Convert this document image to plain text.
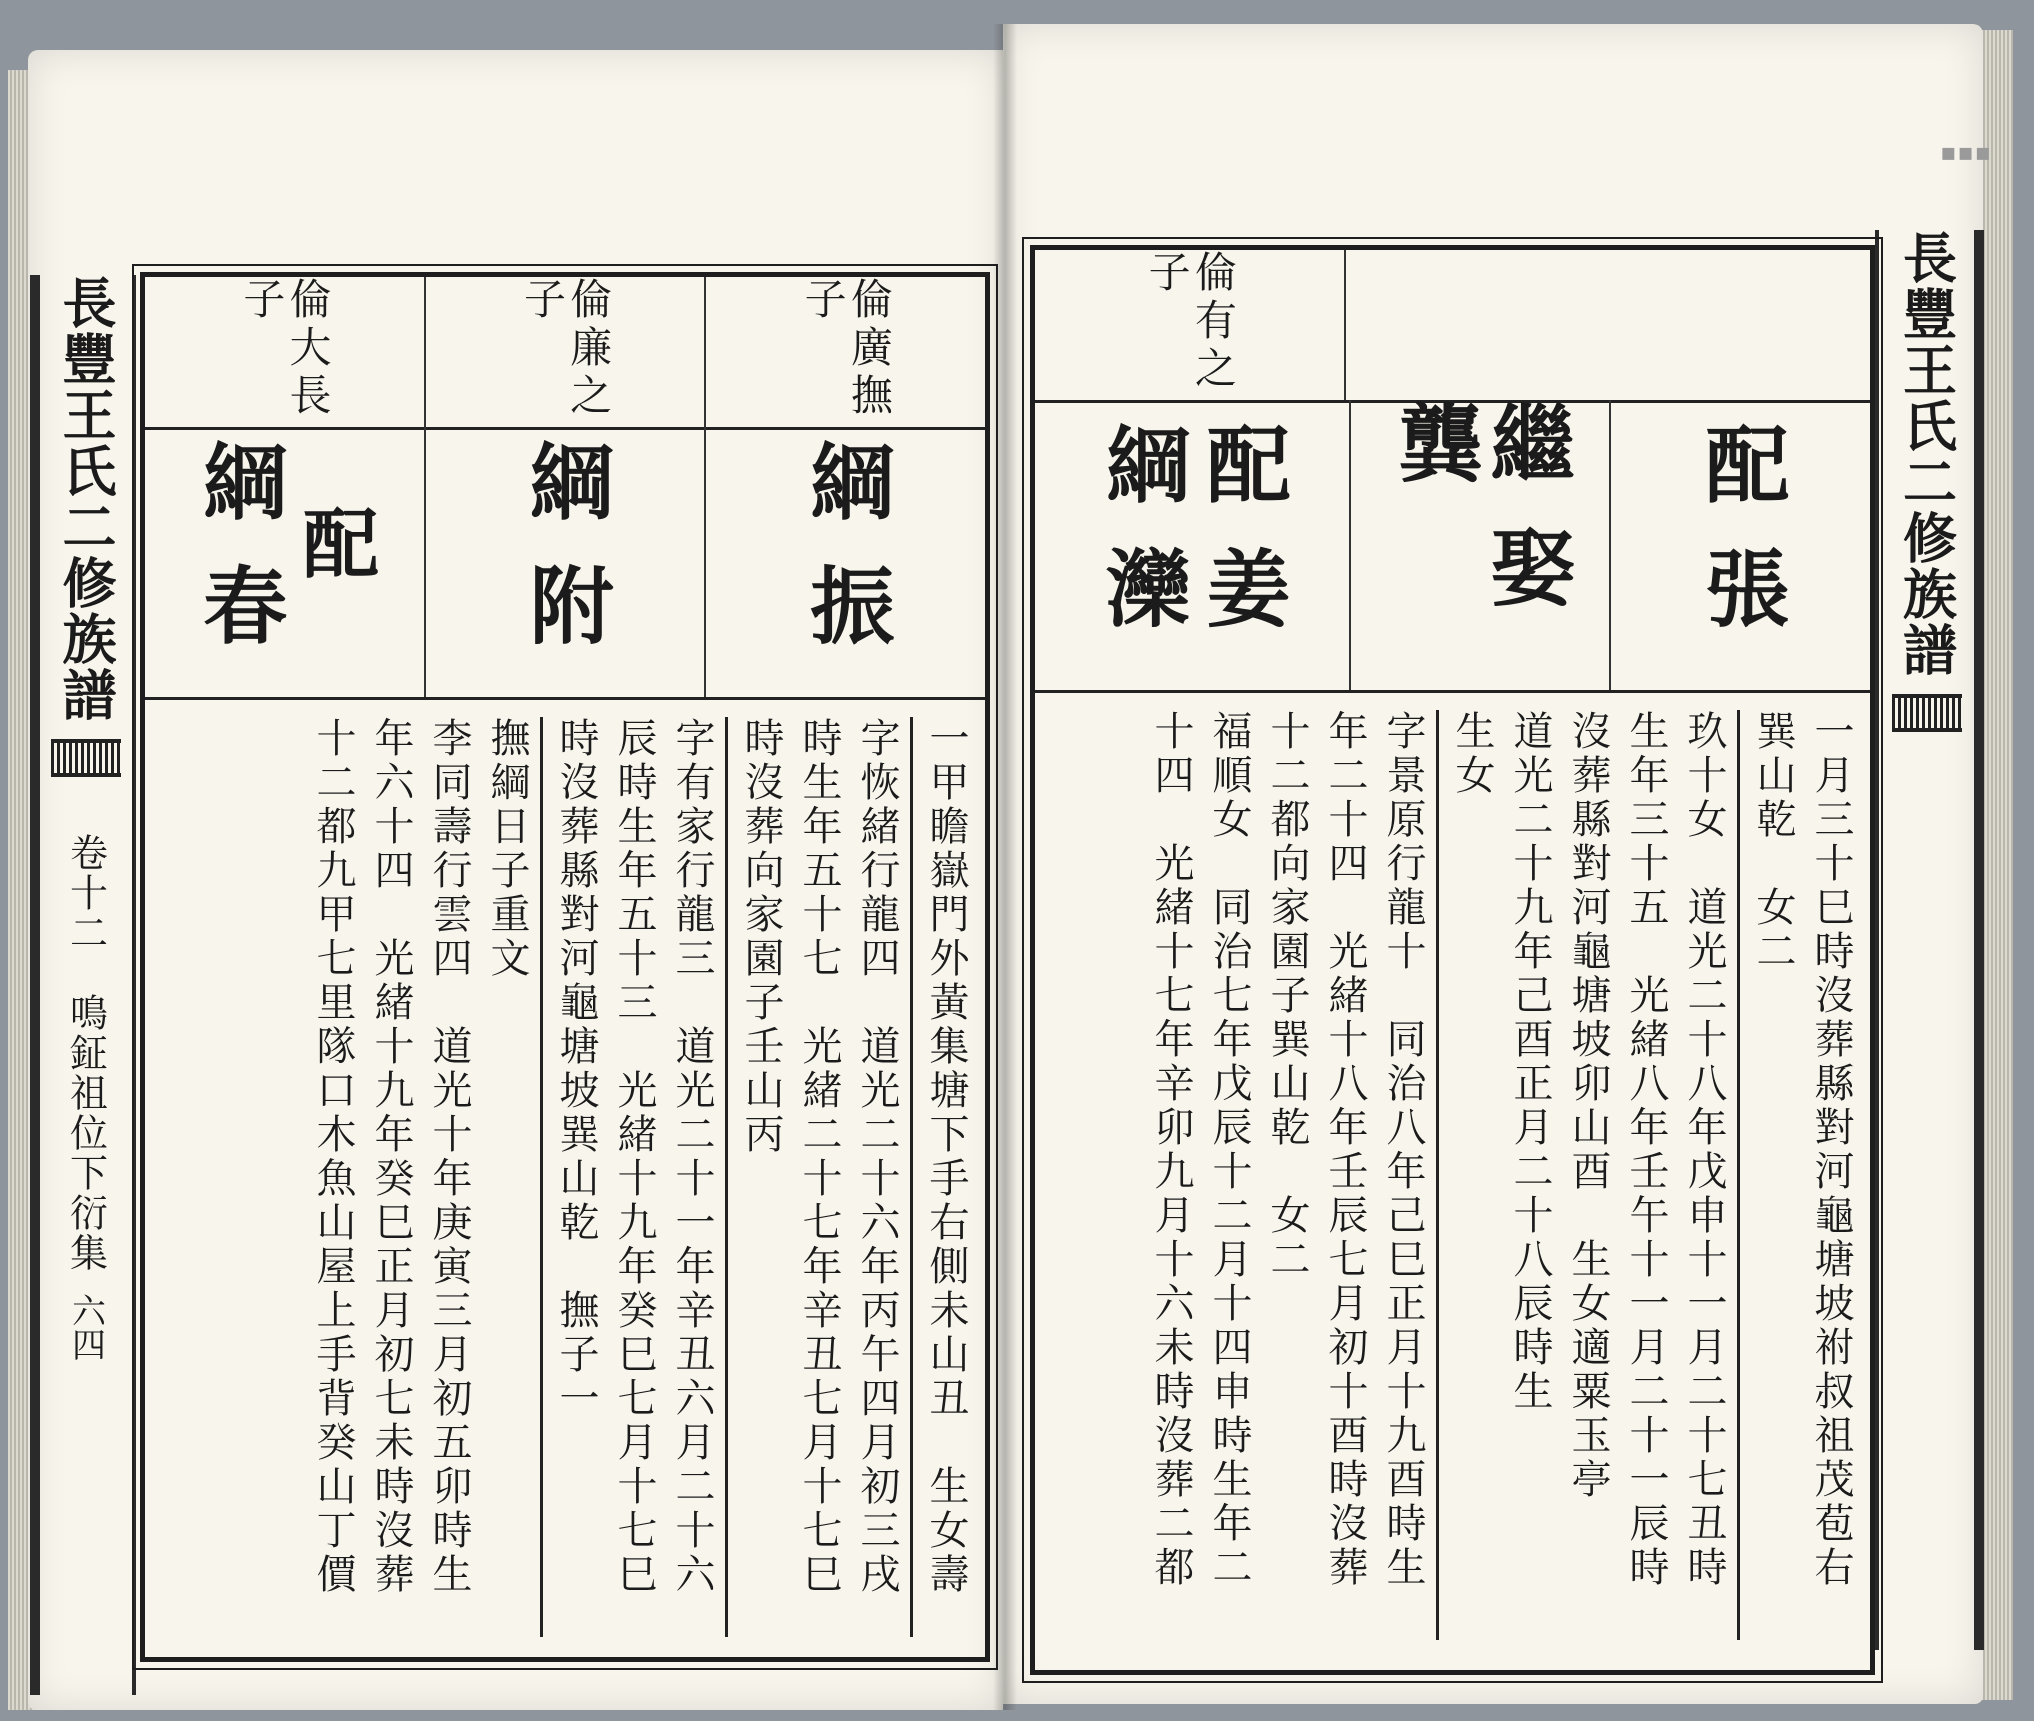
▪▪▪
長豐王氏二修族譜
卷十二
鳴鉦祖位下衍集
六四
長豐王氏二修族譜
倫廣撫子
倫廉之子
倫大長子
綱振
綱附
配
綱春
一甲瞻嶽門外黃集塘下手右側未山丑　生女壽
字恢緒行龍四　道光二十六年丙午四月初三戌
時生年五十七　光緒二十七年辛丑七月十七巳
時沒葬向家園子壬山丙
字有家行龍三　道光二十一年辛丑六月二十六
辰時生年五十三　光緒十九年癸巳七月十七巳
時沒葬縣對河龜塘坡巽山乾　撫子一
撫綱日子重文
李同壽行雲四　道光十年庚寅三月初五卯時生
年六十四　光緒十九年癸巳正月初七未時沒葬
十二都九甲七里隊口木魚山屋上手背癸山丁價
倫有之子
配張
繼娶龔
配姜
綱灤
一月三十巳時沒葬縣對河龜塘坡祔叔祖茂苞右
巽山乾　女二
玖十女　道光二十八年戊申十一月二十七丑時
生年三十五　光緒八年壬午十一月二十一辰時
沒葬縣對河龜塘坡卯山酉　生女適粟玉亭
道光二十九年己酉正月二十八辰時生
生女
字景原行龍十　同治八年己巳正月十九酉時生
年二十四　光緒十八年壬辰七月初十酉時沒葬
十二都向家園子巽山乾　女二
福順女　同治七年戊辰十二月十四申時生年二
十四　光緒十七年辛卯九月十六未時沒葬二都
